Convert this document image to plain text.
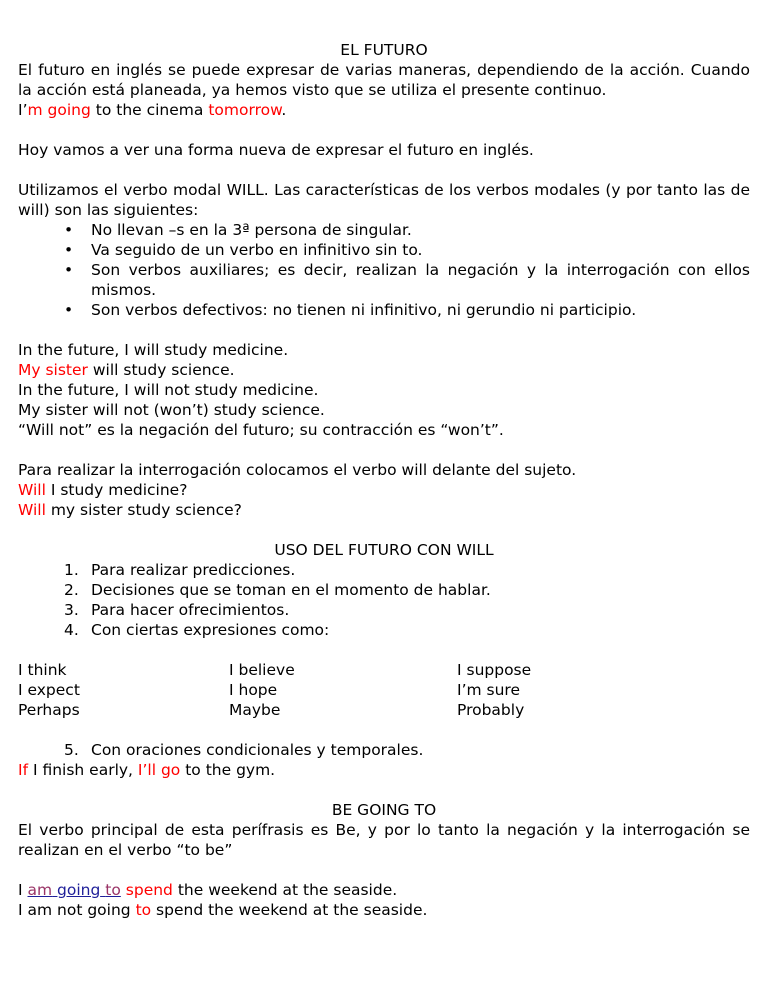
EL FUTURO

El futuro en inglés se puede expresar de varias maneras, dependiendo de la acción. Cuando la acción está planeada, ya hemos visto que se utiliza el presente continuo.

I’m going to the cinema tomorrow.

Hoy vamos a ver una forma nueva de expresar el futuro en inglés.

Utilizamos el verbo modal WILL. Las características de los verbos modales (y por tanto las de will) son las siguientes:

• No llevan –s en la 3ª persona de singular.
• Va seguido de un verbo en infinitivo sin to.
• Son verbos auxiliares; es decir, realizan la negación y la interrogación con ellos mismos.
• Son verbos defectivos: no tienen ni infinitivo, ni gerundio ni participio.

In the future, I will study medicine.

My sister will study science.

In the future, I will not study medicine.

My sister will not (won’t) study science.

“Will not” es la negación del futuro; su contracción es “won’t”.

Para realizar la interrogación colocamos el verbo will delante del sujeto.

Will I study medicine?

Will my sister study science?

USO DEL FUTURO CON WILL

1. Para realizar predicciones.
2. Decisiones que se toman en el momento de hablar.
3. Para hacer ofrecimientos.
4. Con ciertas expresiones como:
I think
I expect
Perhaps
I believe
I hope
Maybe
I suppose
I’m sure
Probably
5. Con oraciones condicionales y temporales.

If I finish early, I’ll go to the gym.

BE GOING TO

El verbo principal de esta perífrasis es Be, y por lo tanto la negación y la interrogación se realizan en el verbo “to be”

I am going to spend the weekend at the seaside.

I am not going to spend the weekend at the seaside.
